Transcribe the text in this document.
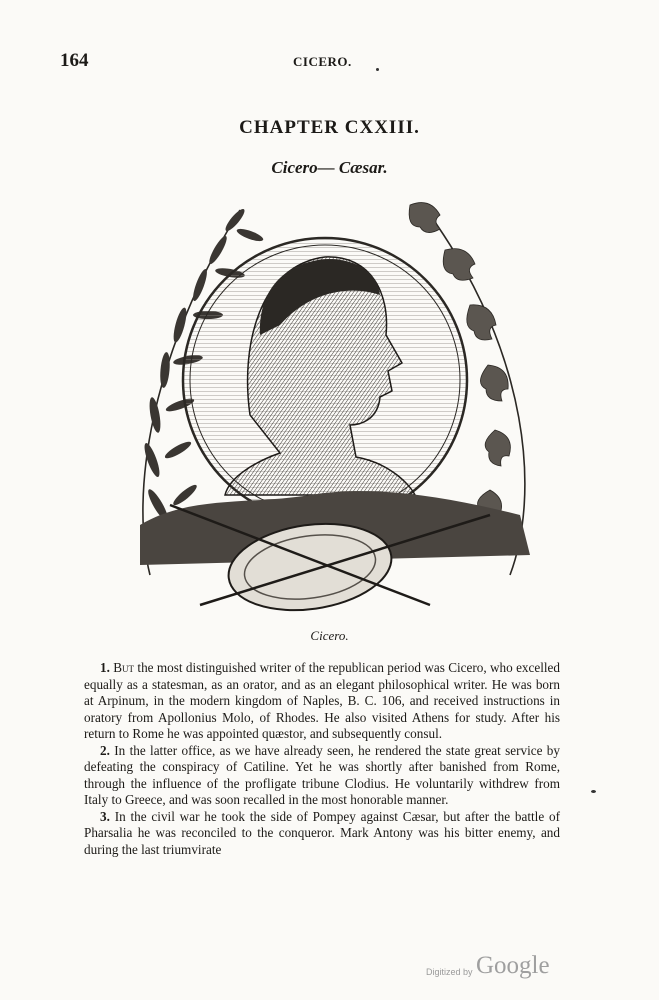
164	CICERO.
CHAPTER CXXIII.
Cicero— Cæsar.
Cicero.

1. But the most distinguished writer of the republican period was Cicero, who excelled equally as a statesman, as an orator, and as an elegant philosophical writer. He was born at Arpinum, in the modern kingdom of Naples, B. C. 106, and received instructions in oratory from Apollonius Molo, of Rhodes. He also visited Athens for study. After his return to Rome he was appointed quæstor, and subsequently consul.

2. In the latter office, as we have already seen, he rendered the state great service by defeating the conspiracy of Catiline. Yet he was shortly after banished from Rome, through the influence of the profligate tribune Clodius. He voluntarily withdrew from Italy to Greece, and was soon recalled in the most honorable manner.

3. In the civil war he took the side of Pompey against Cæsar, but after the battle of Pharsalia he was reconciled to the conqueror. Mark Antony was his bitter enemy, and during the last triumvirate

Digitized by Google
